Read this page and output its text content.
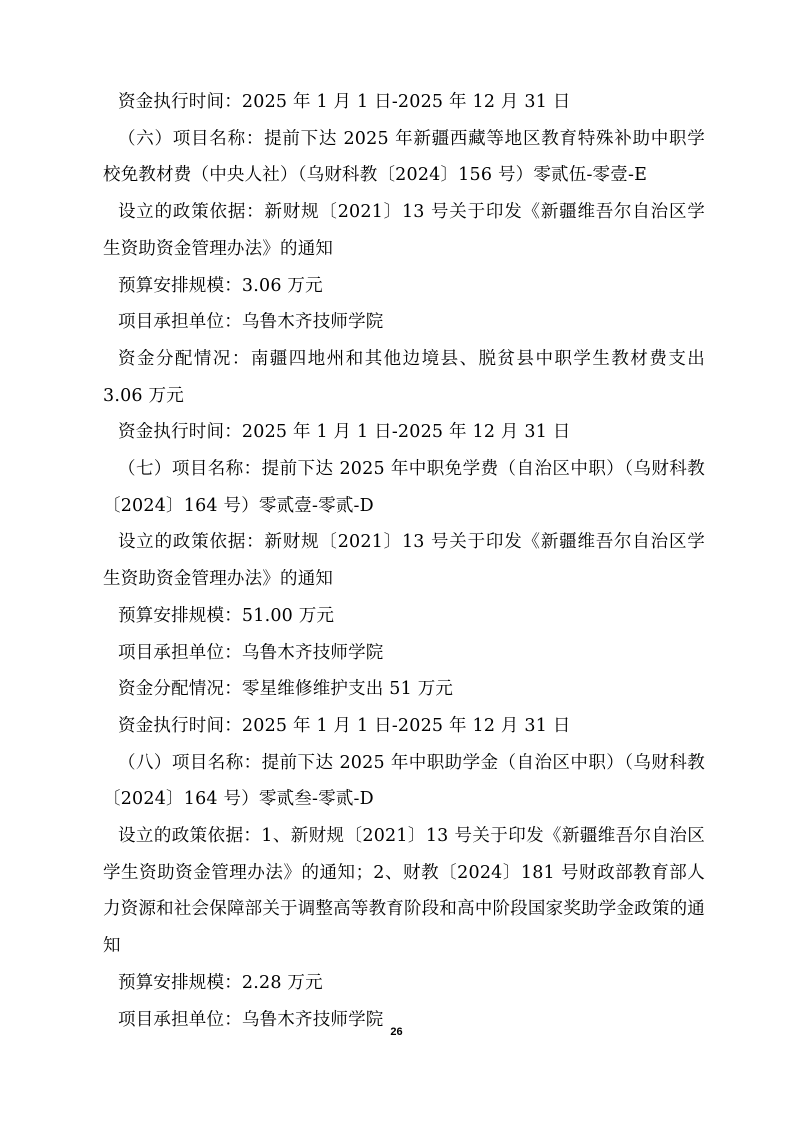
资金执行时间：2025 年 1 月 1 日-2025 年 12 月 31 日

（六）项目名称：提前下达 2025 年新疆西藏等地区教育特殊补助中职学校免教材费（中央人社）（乌财科教〔2024〕156 号）零贰伍-零壹-E

设立的政策依据：新财规〔2021〕13 号关于印发《新疆维吾尔自治区学生资助资金管理办法》的通知

预算安排规模：3.06 万元

项目承担单位：乌鲁木齐技师学院

资金分配情况：南疆四地州和其他边境县、脱贫县中职学生教材费支出 3.06 万元

资金执行时间：2025 年 1 月 1 日-2025 年 12 月 31 日

（七）项目名称：提前下达 2025 年中职免学费（自治区中职）（乌财科教〔2024〕164 号）零贰壹-零贰-D

设立的政策依据：新财规〔2021〕13 号关于印发《新疆维吾尔自治区学生资助资金管理办法》的通知

预算安排规模：51.00 万元

项目承担单位：乌鲁木齐技师学院

资金分配情况：零星维修维护支出 51 万元

资金执行时间：2025 年 1 月 1 日-2025 年 12 月 31 日

（八）项目名称：提前下达 2025 年中职助学金（自治区中职）（乌财科教〔2024〕164 号）零贰叁-零贰-D

设立的政策依据：1、新财规〔2021〕13 号关于印发《新疆维吾尔自治区学生资助资金管理办法》的通知；2、财教〔2024〕181 号财政部教育部人力资源和社会保障部关于调整高等教育阶段和高中阶段国家奖助学金政策的通知

预算安排规模：2.28 万元

项目承担单位：乌鲁木齐技师学院

26
